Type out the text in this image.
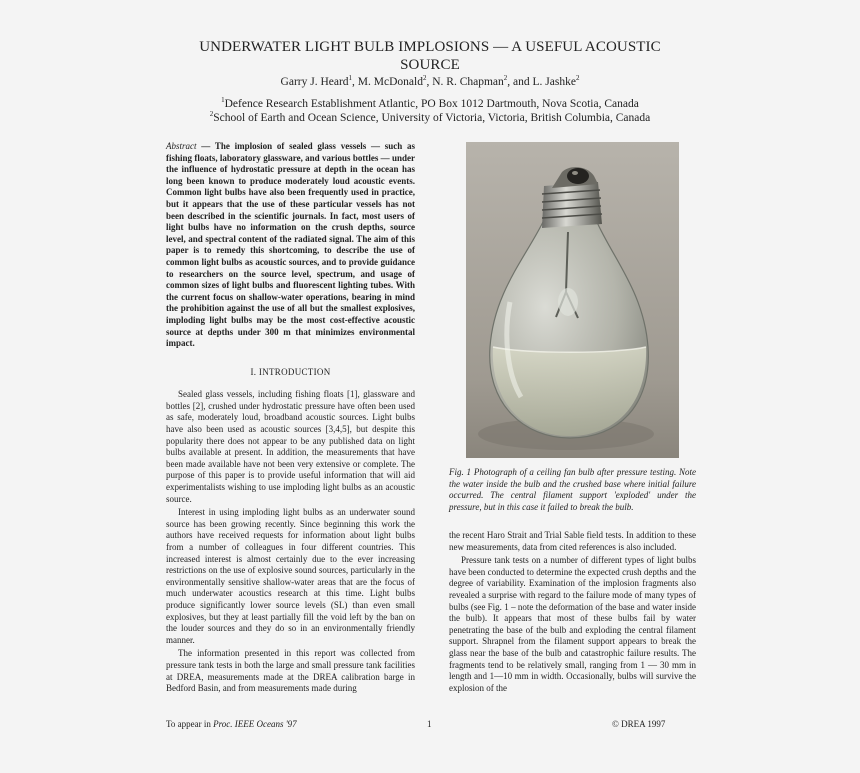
UNDERWATER LIGHT BULB IMPLOSIONS — A USEFUL ACOUSTIC
SOURCE
Garry J. Heard$^1$, M. McDonald$^2$, N. R. Chapman$^2$, and L. Jashke$^2$
$^1$Defence Research Establishment Atlantic, PO Box 1012 Dartmouth, Nova Scotia, Canada
$^2$School of Earth and Ocean Science, University of Victoria, Victoria, British Columbia, Canada

Abstract — The implosion of sealed glass vessels — such as fishing floats, laboratory glassware, and various bottles — under the influence of hydrostatic pressure at depth in the ocean has long been known to produce moderately loud acoustic events. Common light bulbs have also been frequently used in practice, but it appears that the use of these particular vessels has not been described in the scientific journals. In fact, most users of light bulbs have no information on the crush depths, source level, and spectral content of the radiated signal. The aim of this paper is to remedy this shortcoming, to describe the use of common light bulbs as acoustic sources, and to provide guidance to researchers on the source level, spectrum, and usage of common sizes of light bulbs and fluorescent lighting tubes. With the current focus on shallow-water operations, bearing in mind the prohibition against the use of all but the smallest explosives, imploding light bulbs may be the most cost-effective acoustic source at depths under 300 m that minimizes environmental impact.

I. INTRODUCTION

Sealed glass vessels, including fishing floats [1], glassware and bottles [2], crushed under hydrostatic pressure have often been used as safe, moderately loud, broadband acoustic sources. Light bulbs have also been used as acoustic sources [3,4,5], but despite this popularity there does not appear to be any published data on light bulbs available at present. In addition, the measurements that have been made available have not been very extensive or complete. The purpose of this paper is to provide useful information that will aid experimentalists wishing to use imploding light bulbs as an acoustic source.

Interest in using imploding light bulbs as an underwater sound source has been growing recently. Since beginning this work the authors have received requests for information about light bulbs from a number of colleagues in four different countries. This increased interest is almost certainly due to the ever increasing restrictions on the use of explosive sound sources, particularly in the environmentally sensitive shallow-water areas that are the focus of much underwater acoustics research at this time. Light bulbs produce significantly lower source levels (SL) than even small explosives, but they at least partially fill the void left by the ban on the louder sources and they do so in an environmentally friendly manner.

The information presented in this report was collected from pressure tank tests in both the large and small pressure tank facilities at DREA, measurements made at the DREA calibration barge in Bedford Basin, and from measurements made during

Fig. 1 Photograph of a ceiling fan bulb after pressure testing. Note the water inside the bulb and the crushed base where initial failure occurred. The central filament support 'exploded' under the pressure, but in this case it failed to break the bulb.

the recent Haro Strait and Trial Sable field tests. In addition to these new measurements, data from cited references is also included.

Pressure tank tests on a number of different types of light bulbs have been conducted to determine the expected crush depths and the degree of variability. Examination of the implosion fragments also revealed a surprise with regard to the failure mode of many types of bulbs (see Fig. 1 – note the deformation of the base and water inside the bulb). It appears that most of these bulbs fail by water penetrating the base of the bulb and exploding the central filament support. Shrapnel from the filament support appears to break the glass near the base of the bulb and catastrophic failure results. The fragments tend to be relatively small, ranging from 1 — 30 mm in length and 1—10 mm in width. Occasionally, bulbs will survive the explosion of the

To appear in Proc. IEEE Oceans '97	1	© DREA 1997
